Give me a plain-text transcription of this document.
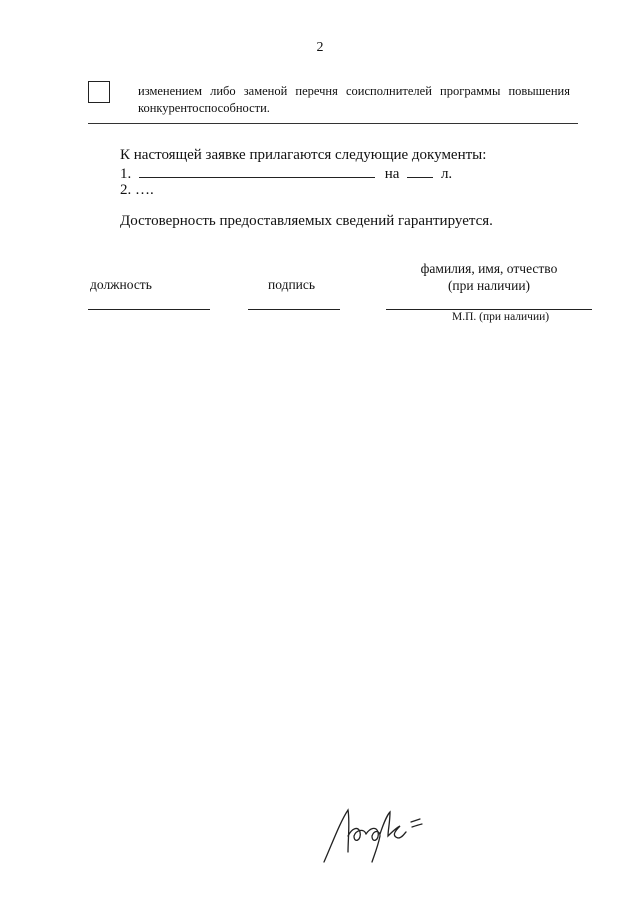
2
изменением либо заменой перечня соисполнителей программы повышения
конкурентоспособности.
К настоящей заявке прилагаются следующие документы:
1.	на	л.
2. ….
Достоверность предоставляемых сведений гарантируется.
должность	подпись
фамилия, имя, отчество
(при наличии)
М.П. (при наличии)
